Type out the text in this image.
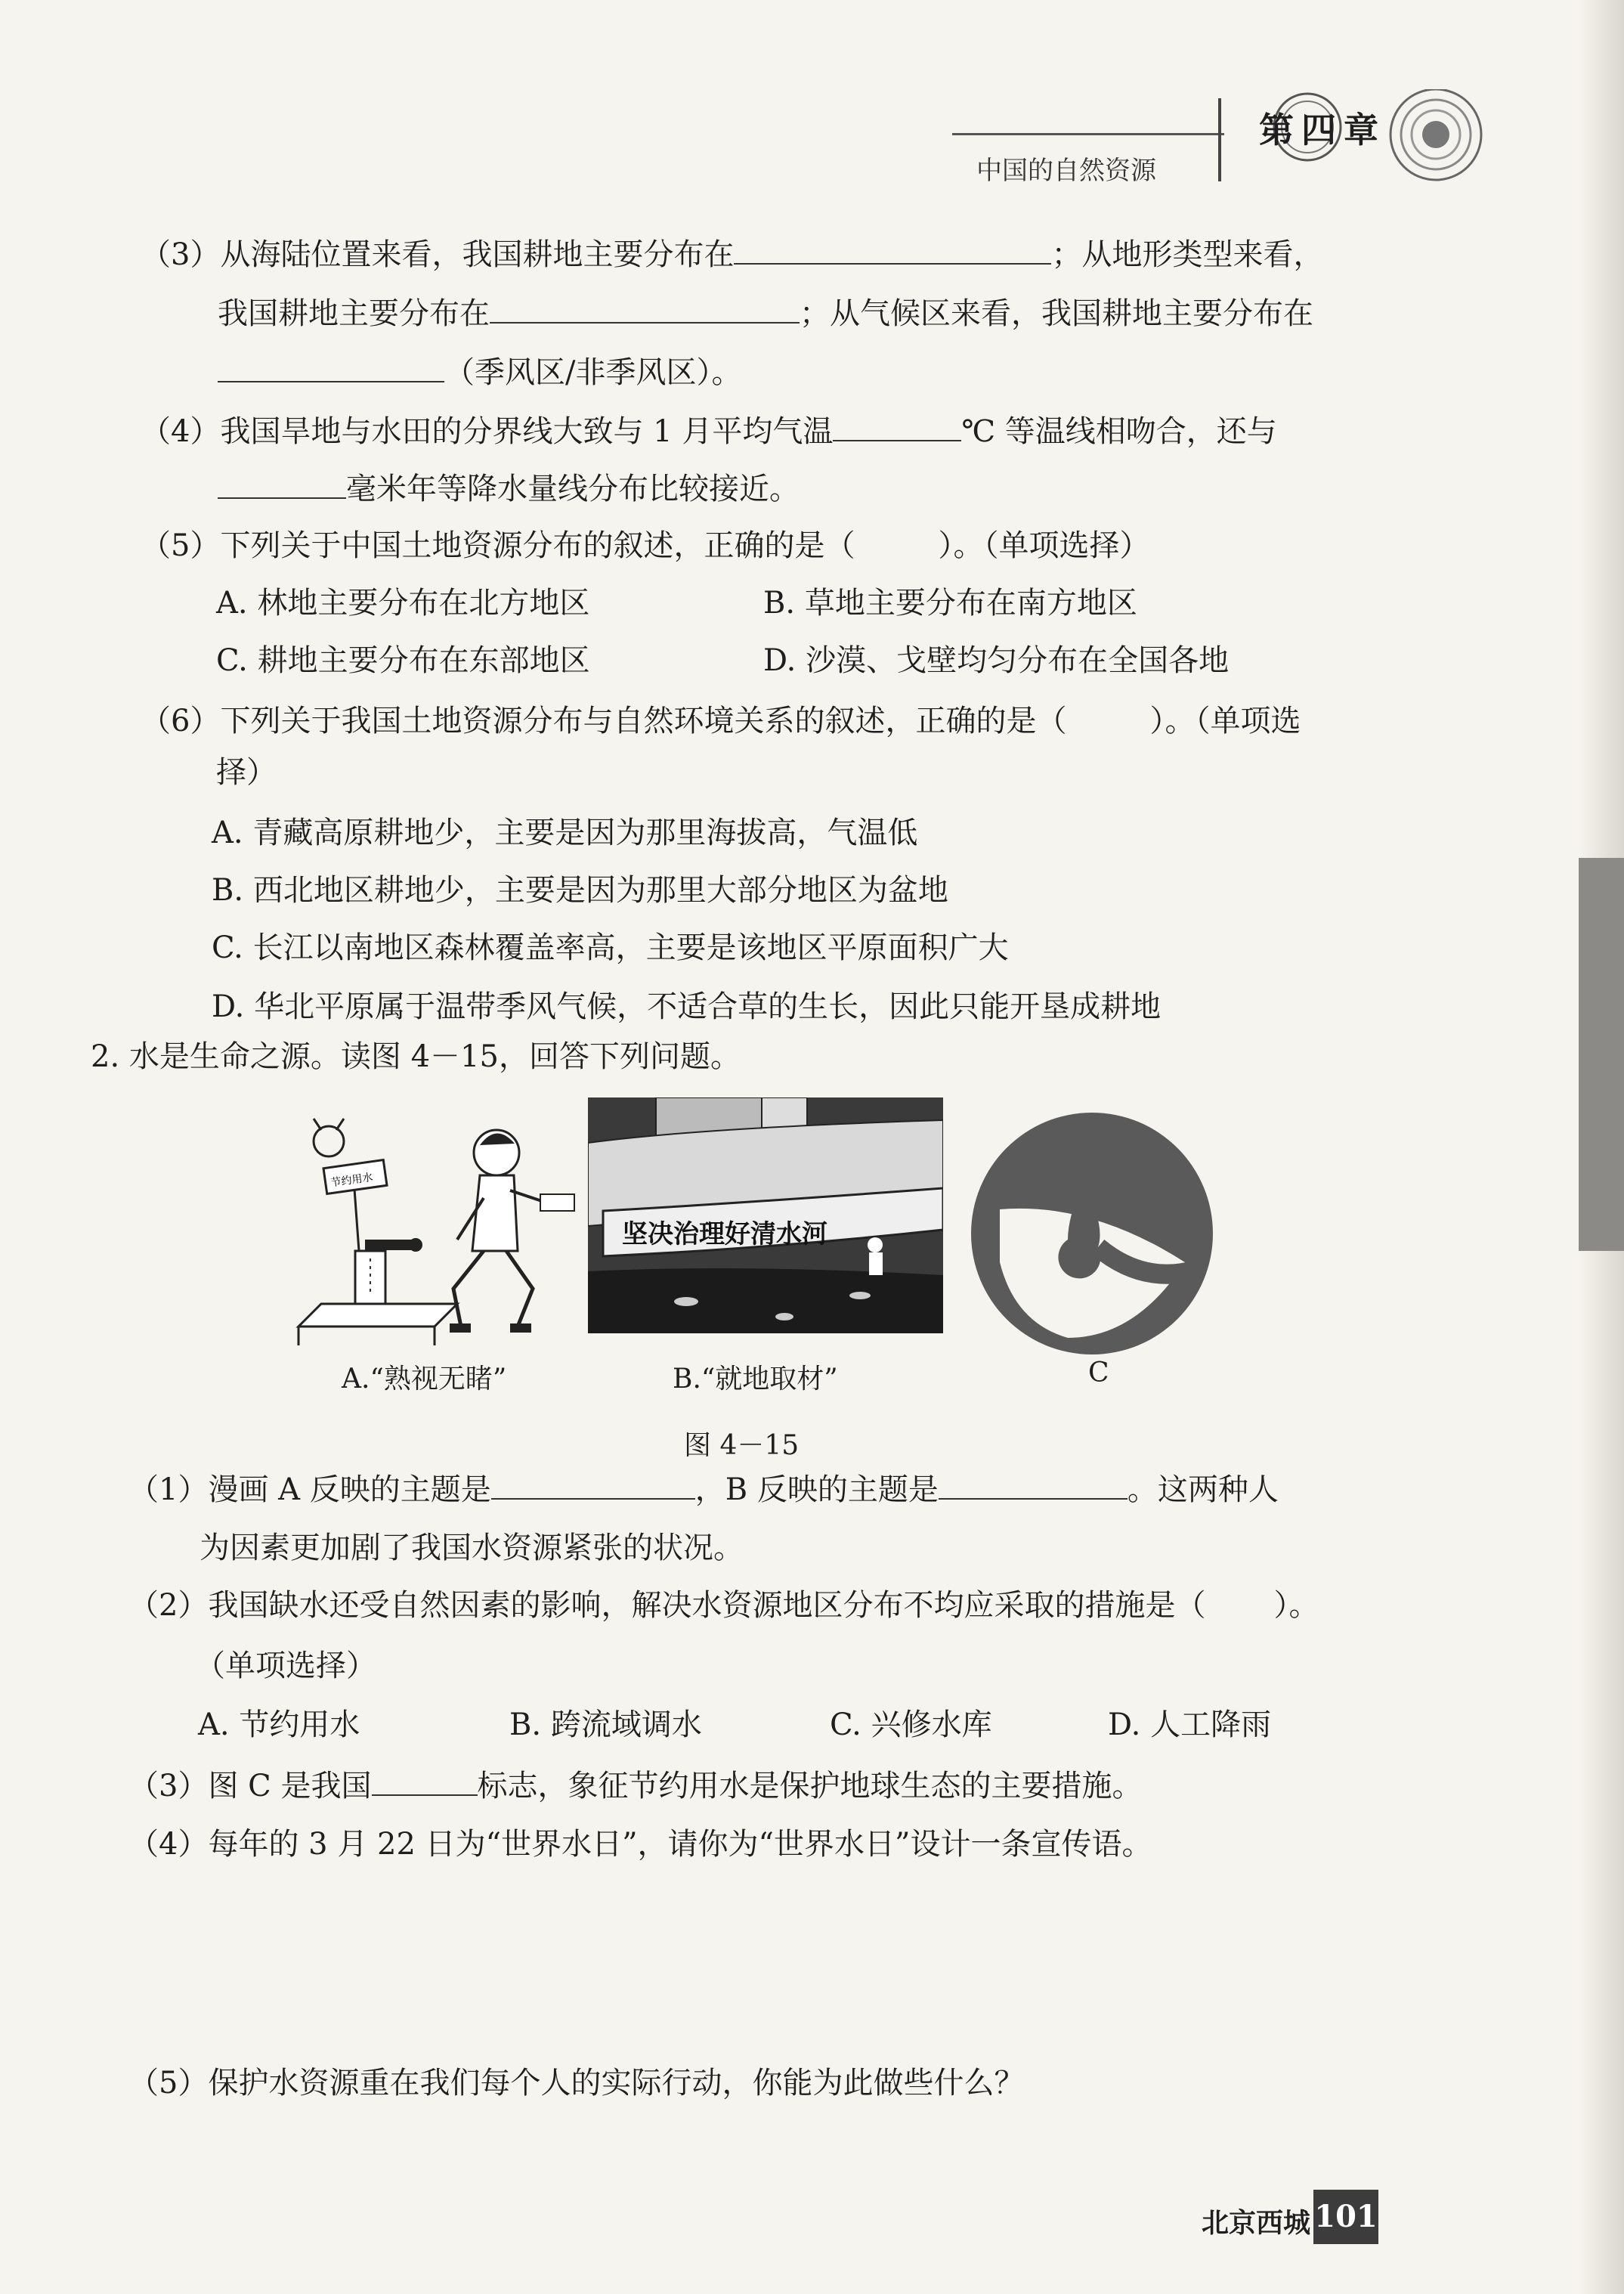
第四章
中国的自然资源
（3）从海陆位置来看，我国耕地主要分布在	；从地形类型来看，
我国耕地主要分布在	；从气候区来看，我国耕地主要分布在
（季风区/非季风区）。
（4）我国旱地与水田的分界线大致与 1 月平均气温	℃ 等温线相吻合，还与
毫米年等降水量线分布比较接近。
（5）下列关于中国土地资源分布的叙述，正确的是（	）。（单项选择）
A. 林地主要分布在北方地区	B. 草地主要分布在南方地区
C. 耕地主要分布在东部地区	D. 沙漠、戈壁均匀分布在全国各地
（6）下列关于我国土地资源分布与自然环境关系的叙述，正确的是（	）。（单项选
择）
A. 青藏高原耕地少，主要是因为那里海拔高，气温低
B. 西北地区耕地少，主要是因为那里大部分地区为盆地
C. 长江以南地区森林覆盖率高，主要是该地区平原面积广大
D. 华北平原属于温带季风气候，不适合草的生长，因此只能开垦成耕地
2. 水是生命之源。读图 4－15，回答下列问题。
节约用水
坚决治理好清水河
A.“熟视无睹”	B.“就地取材”	C
图 4－15
（1）漫画 A 反映的主题是	，B 反映的主题是	。这两种人
为因素更加剧了我国水资源紧张的状况。
（2）我国缺水还受自然因素的影响，解决水资源地区分布不均应采取的措施是（ ）。
（单项选择）
A. 节约用水	B. 跨流域调水	C. 兴修水库	D. 人工降雨
（3）图 C 是我国	标志，象征节约用水是保护地球生态的主要措施。
（4）每年的 3 月 22 日为“世界水日”，请你为“世界水日”设计一条宣传语。
（5）保护水资源重在我们每个人的实际行动，你能为此做些什么？
北京西城 101
